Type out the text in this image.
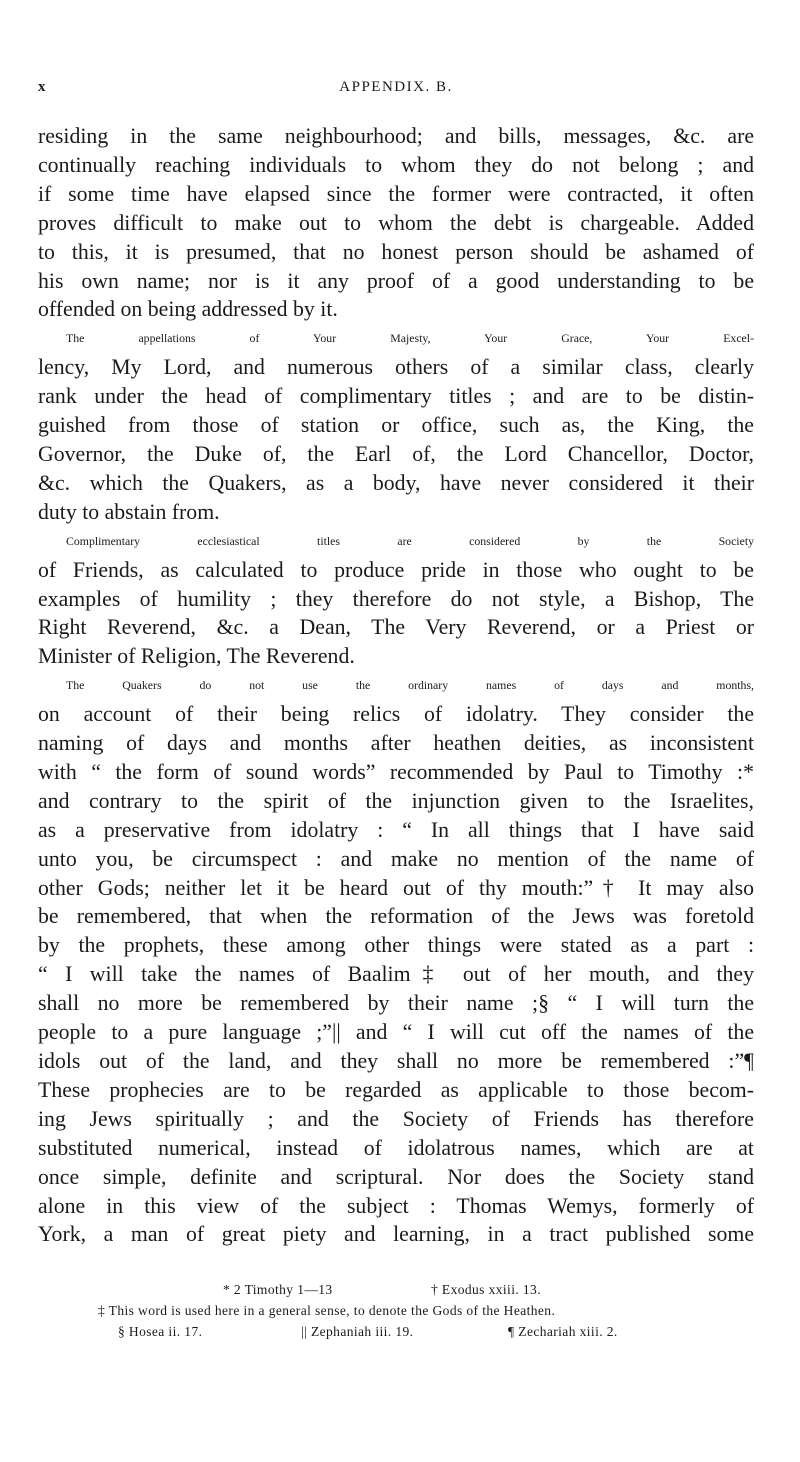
x	APPENDIX. B.
residing in the same neighbourhood; and bills, messages, &c. are
continually reaching individuals to whom they do not belong ; and
if some time have elapsed since the former were contracted, it often
proves difficult to make out to whom the debt is chargeable. Added
to this, it is presumed, that no honest person should be ashamed of
his own name; nor is it any proof of a good understanding to be
offended on being addressed by it.
The appellations of Your Majesty, Your Grace, Your Excel-
lency, My Lord, and numerous others of a similar class, clearly
rank under the head of complimentary titles ; and are to be distin-
guished from those of station or office, such as, the King, the
Governor, the Duke of, the Earl of, the Lord Chancellor, Doctor,
&c. which the Quakers, as a body, have never considered it their
duty to abstain from.
Complimentary ecclesiastical titles are considered by the Society
of Friends, as calculated to produce pride in those who ought to be
examples of humility ; they therefore do not style, a Bishop, The
Right Reverend, &c. a Dean, The Very Reverend, or a Priest or
Minister of Religion, The Reverend.
The Quakers do not use the ordinary names of days and months,
on account of their being relics of idolatry. They consider the
naming of days and months after heathen deities, as inconsistent
with “ the form of sound words” recommended by Paul to Timothy :*
and contrary to the spirit of the injunction given to the Israelites,
as a preservative from idolatry : “ In all things that I have said
unto you, be circumspect : and make no mention of the name of
other Gods; neither let it be heard out of thy mouth:”† It may also
be remembered, that when the reformation of the Jews was foretold
by the prophets, these among other things were stated as a part :
“ I will take the names of Baalim‡ out of her mouth, and they
shall no more be remembered by their name ;§ “ I will turn the
people to a pure language ;”|| and “ I will cut off the names of the
idols out of the land, and they shall no more be remembered :”¶
These prophecies are to be regarded as applicable to those becom-
ing Jews spiritually ; and the Society of Friends has therefore
substituted numerical, instead of idolatrous names, which are at
once simple, definite and scriptural. Nor does the Society stand
alone in this view of the subject : Thomas Wemys, formerly of
York, a man of great piety and learning, in a tract published some
* 2 Timothy 1—13	† Exodus xxiii. 13.
‡ This word is used here in a general sense, to denote the Gods of the Heathen.
§ Hosea ii. 17.	|| Zephaniah iii. 19.	¶ Zechariah xiii. 2.
